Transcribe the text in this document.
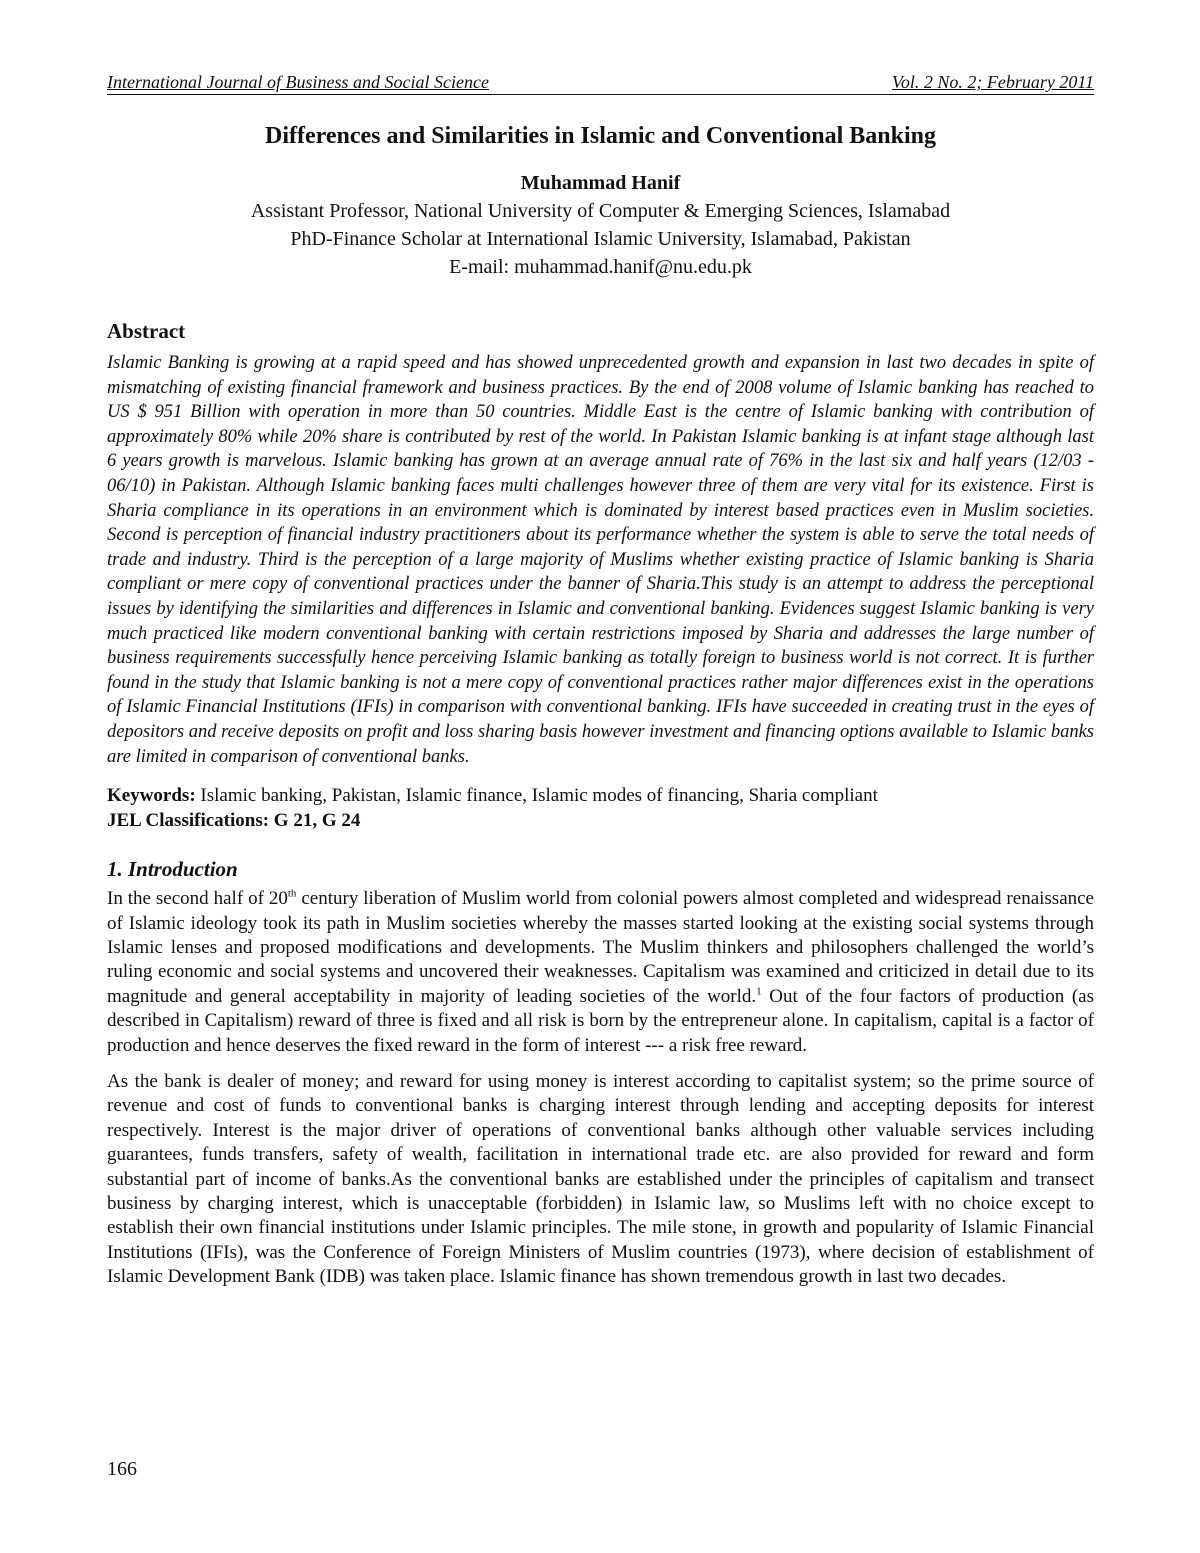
International Journal of Business and Social Science	Vol. 2 No. 2; February 2011
Differences and Similarities in Islamic and Conventional Banking
Muhammad Hanif
Assistant Professor, National University of Computer & Emerging Sciences, Islamabad
PhD-Finance Scholar at International Islamic University, Islamabad, Pakistan
E-mail: muhammad.hanif@nu.edu.pk
Abstract

Islamic Banking is growing at a rapid speed and has showed unprecedented growth and expansion in last two decades in spite of mismatching of existing financial framework and business practices. By the end of 2008 volume of Islamic banking has reached to US $ 951 Billion with operation in more than 50 countries. Middle East is the centre of Islamic banking with contribution of approximately 80% while 20% share is contributed by rest of the world. In Pakistan Islamic banking is at infant stage although last 6 years growth is marvelous. Islamic banking has grown at an average annual rate of 76% in the last six and half years (12/03 - 06/10) in Pakistan. Although Islamic banking faces multi challenges however three of them are very vital for its existence. First is Sharia compliance in its operations in an environment which is dominated by interest based practices even in Muslim societies. Second is perception of financial industry practitioners about its performance whether the system is able to serve the total needs of trade and industry. Third is the perception of a large majority of Muslims whether existing practice of Islamic banking is Sharia compliant or mere copy of conventional practices under the banner of Sharia.This study is an attempt to address the perceptional issues by identifying the similarities and differences in Islamic and conventional banking. Evidences suggest Islamic banking is very much practiced like modern conventional banking with certain restrictions imposed by Sharia and addresses the large number of business requirements successfully hence perceiving Islamic banking as totally foreign to business world is not correct. It is further found in the study that Islamic banking is not a mere copy of conventional practices rather major differences exist in the operations of Islamic Financial Institutions (IFIs) in comparison with conventional banking. IFIs have succeeded in creating trust in the eyes of depositors and receive deposits on profit and loss sharing basis however investment and financing options available to Islamic banks are limited in comparison of conventional banks.

Keywords: Islamic banking, Pakistan, Islamic finance, Islamic modes of financing, Sharia compliant
JEL Classifications: G 21, G 24
1. Introduction

In the second half of 20th century liberation of Muslim world from colonial powers almost completed and widespread renaissance of Islamic ideology took its path in Muslim societies whereby the masses started looking at the existing social systems through Islamic lenses and proposed modifications and developments. The Muslim thinkers and philosophers challenged the world’s ruling economic and social systems and uncovered their weaknesses. Capitalism was examined and criticized in detail due to its magnitude and general acceptability in majority of leading societies of the world.$^1$ Out of the four factors of production (as described in Capitalism) reward of three is fixed and all risk is born by the entrepreneur alone. In capitalism, capital is a factor of production and hence deserves the fixed reward in the form of interest --- a risk free reward.

As the bank is dealer of money; and reward for using money is interest according to capitalist system; so the prime source of revenue and cost of funds to conventional banks is charging interest through lending and accepting deposits for interest respectively. Interest is the major driver of operations of conventional banks although other valuable services including guarantees, funds transfers, safety of wealth, facilitation in international trade etc. are also provided for reward and form substantial part of income of banks.As the conventional banks are established under the principles of capitalism and transect business by charging interest, which is unacceptable (forbidden) in Islamic law, so Muslims left with no choice except to establish their own financial institutions under Islamic principles. The mile stone, in growth and popularity of Islamic Financial Institutions (IFIs), was the Conference of Foreign Ministers of Muslim countries (1973), where decision of establishment of Islamic Development Bank (IDB) was taken place. Islamic finance has shown tremendous growth in last two decades.

166
